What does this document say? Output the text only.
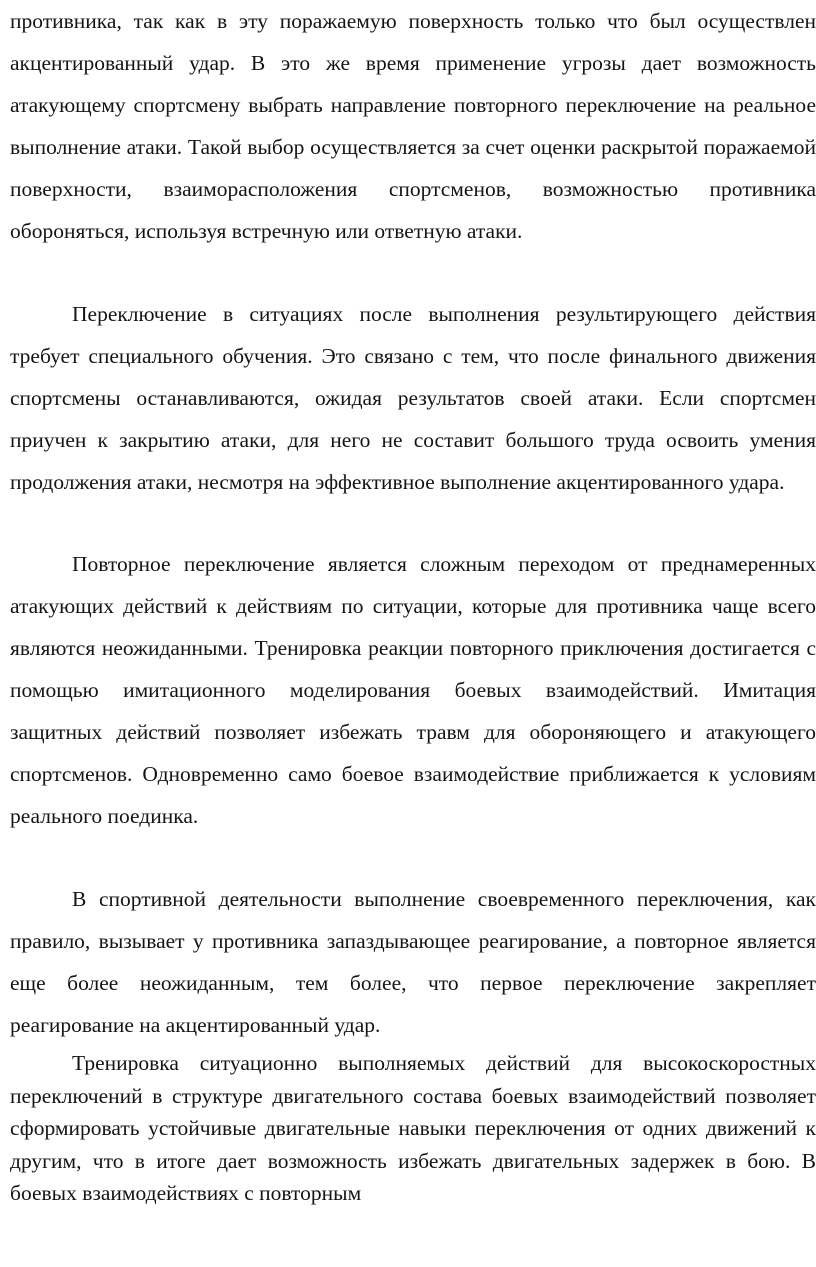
противника, так как в эту поражаемую поверхность только что был осуществлен акцентированный удар. В это же время применение угрозы дает возможность атакующему спортсмену выбрать направление повторного переключение на реальное выполнение атаки. Такой выбор осуществляется за счет оценки раскрытой поражаемой поверхности, взаиморасположения спортсменов, возможностью противника обороняться, используя встречную или ответную атаки.

Переключение в ситуациях после выполнения результирующего действия требует специального обучения. Это связано с тем, что после финального движения спортсмены останавливаются, ожидая результатов своей атаки. Если спортсмен приучен к закрытию атаки, для него не составит большого труда освоить умения продолжения атаки, несмотря на эффективное выполнение акцентированного удара.

Повторное переключение является сложным переходом от преднамеренных атакующих действий к действиям по ситуации, которые для противника чаще всего являются неожиданными. Тренировка реакции повторного приключения достигается с помощью имитационного моделирования боевых взаимодействий. Имитация защитных действий позволяет избежать травм для обороняющего и атакующего спортсменов. Одновременно само боевое взаимодействие приближается к условиям реального поединка.

В спортивной деятельности выполнение своевременного переключения, как правило, вызывает у противника запаздывающее реагирование, а повторное является еще более неожиданным, тем более, что первое переключение закрепляет реагирование на акцентированный удар.

Тренировка ситуационно выполняемых действий для высокоскоростных переключений в структуре двигательного состава боевых взаимодействий позволяет сформировать устойчивые двигательные навыки переключения от одних движений к другим, что в итоге дает возможность избежать двигательных задержек в бою. В боевых взаимодействиях с повторным
